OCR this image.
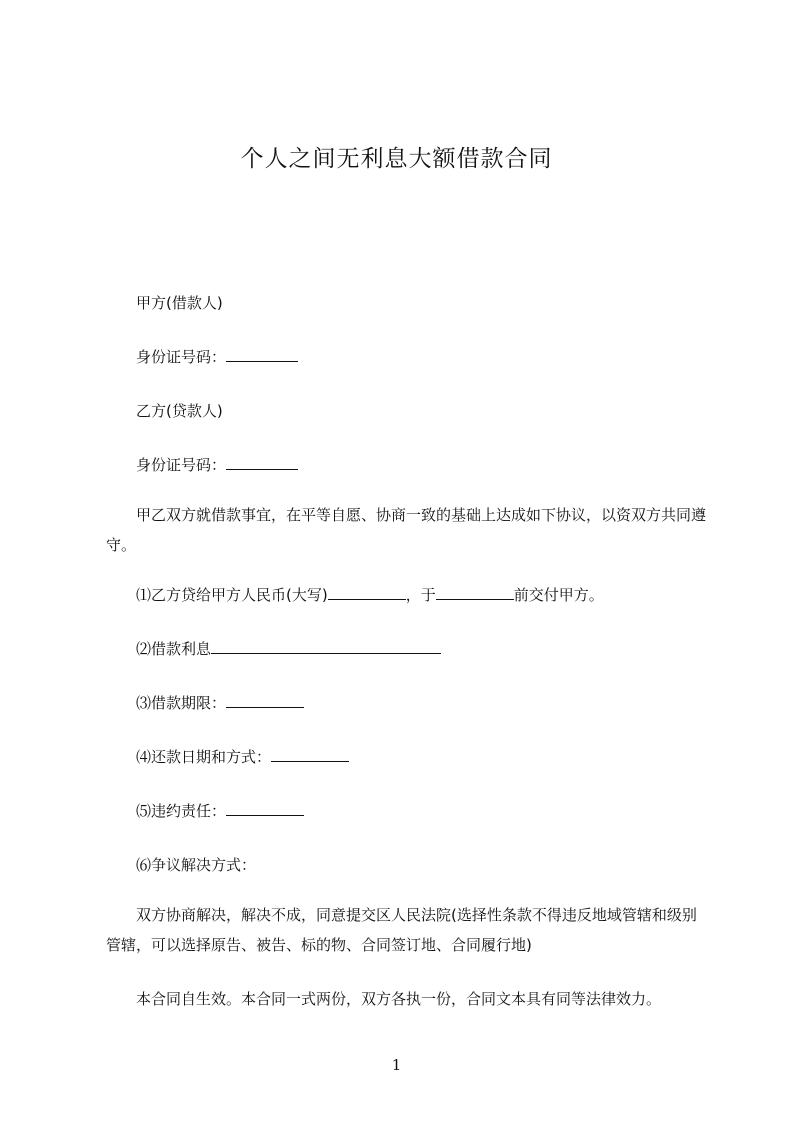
个人之间无利息大额借款合同
甲方(借款人)
身份证号码：
乙方(贷款人)
身份证号码：
甲乙双方就借款事宜，在平等自愿、协商一致的基础上达成如下协议，以资双方共同遵守。
⑴乙方贷给甲方人民币(大写)	，于	前交付甲方。
⑵借款利息
⑶借款期限：
⑷还款日期和方式：
⑸违约责任：
⑹争议解决方式：
双方协商解决，解决不成，同意提交区人民法院(选择性条款不得违反地域管辖和级别管辖，可以选择原告、被告、标的物、合同签订地、合同履行地)
本合同自生效。本合同一式两份，双方各执一份，合同文本具有同等法律效力。
1
